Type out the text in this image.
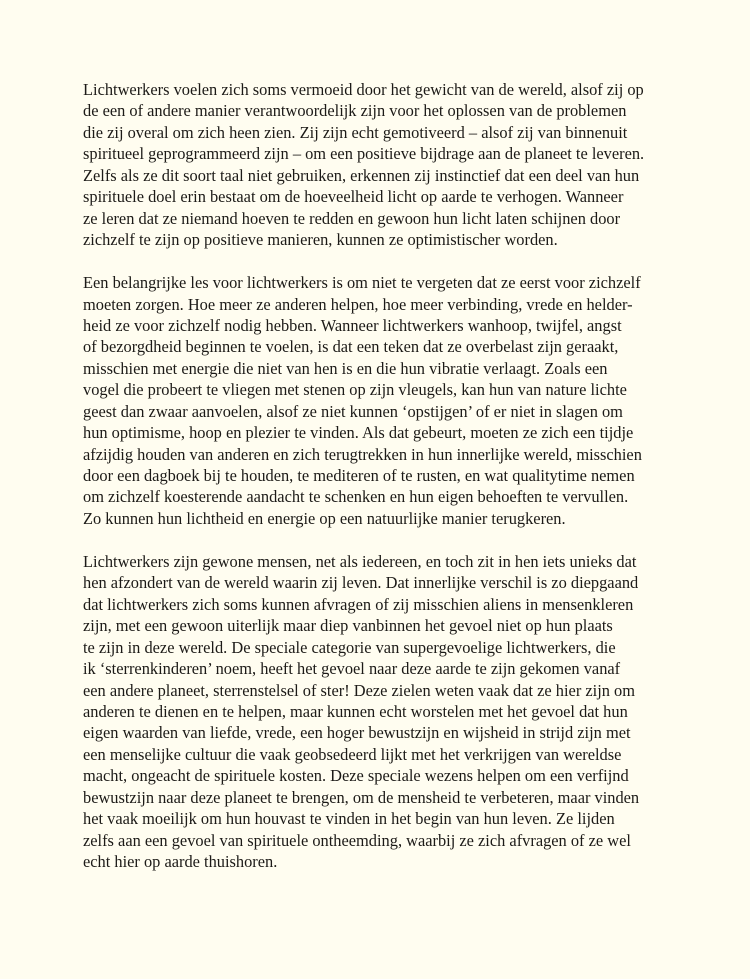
Lichtwerkers voelen zich soms vermoeid door het gewicht van de wereld, alsof zij op
de een of andere manier verantwoordelijk zijn voor het oplossen van de problemen
die zij overal om zich heen zien. Zij zijn echt gemotiveerd – alsof zij van binnenuit
spiritueel geprogrammeerd zijn – om een positieve bijdrage aan de planeet te leveren.
Zelfs als ze dit soort taal niet gebruiken, erkennen zij instinctief dat een deel van hun
spirituele doel erin bestaat om de hoeveelheid licht op aarde te verhogen. Wanneer
ze leren dat ze niemand hoeven te redden en gewoon hun licht laten schijnen door
zichzelf te zijn op positieve manieren, kunnen ze optimistischer worden.

Een belangrijke les voor lichtwerkers is om niet te vergeten dat ze eerst voor zichzelf
moeten zorgen. Hoe meer ze anderen helpen, hoe meer verbinding, vrede en helder-
heid ze voor zichzelf nodig hebben. Wanneer lichtwerkers wanhoop, twijfel, angst
of bezorgdheid beginnen te voelen, is dat een teken dat ze overbelast zijn geraakt,
misschien met energie die niet van hen is en die hun vibratie verlaagt. Zoals een
vogel die probeert te vliegen met stenen op zijn vleugels, kan hun van nature lichte
geest dan zwaar aanvoelen, alsof ze niet kunnen ‘opstijgen’ of er niet in slagen om
hun optimisme, hoop en plezier te vinden. Als dat gebeurt, moeten ze zich een tijdje
afzijdig houden van anderen en zich terugtrekken in hun innerlijke wereld, misschien
door een dagboek bij te houden, te mediteren of te rusten, en wat qualitytime nemen
om zichzelf koesterende aandacht te schenken en hun eigen behoeften te vervullen.
Zo kunnen hun lichtheid en energie op een natuurlijke manier terugkeren.

Lichtwerkers zijn gewone mensen, net als iedereen, en toch zit in hen iets unieks dat
hen afzondert van de wereld waarin zij leven. Dat innerlijke verschil is zo diepgaand
dat lichtwerkers zich soms kunnen afvragen of zij misschien aliens in mensenkleren
zijn, met een gewoon uiterlijk maar diep vanbinnen het gevoel niet op hun plaats
te zijn in deze wereld. De speciale categorie van supergevoelige lichtwerkers, die
ik ‘sterrenkinderen’ noem, heeft het gevoel naar deze aarde te zijn gekomen vanaf
een andere planeet, sterrenstelsel of ster! Deze zielen weten vaak dat ze hier zijn om
anderen te dienen en te helpen, maar kunnen echt worstelen met het gevoel dat hun
eigen waarden van liefde, vrede, een hoger bewustzijn en wijsheid in strijd zijn met
een menselijke cultuur die vaak geobsedeerd lijkt met het verkrijgen van wereldse
macht, ongeacht de spirituele kosten. Deze speciale wezens helpen om een verfijnd
bewustzijn naar deze planeet te brengen, om de mensheid te verbeteren, maar vinden
het vaak moeilijk om hun houvast te vinden in het begin van hun leven. Ze lijden
zelfs aan een gevoel van spirituele ontheemding, waarbij ze zich afvragen of ze wel
echt hier op aarde thuishoren.
